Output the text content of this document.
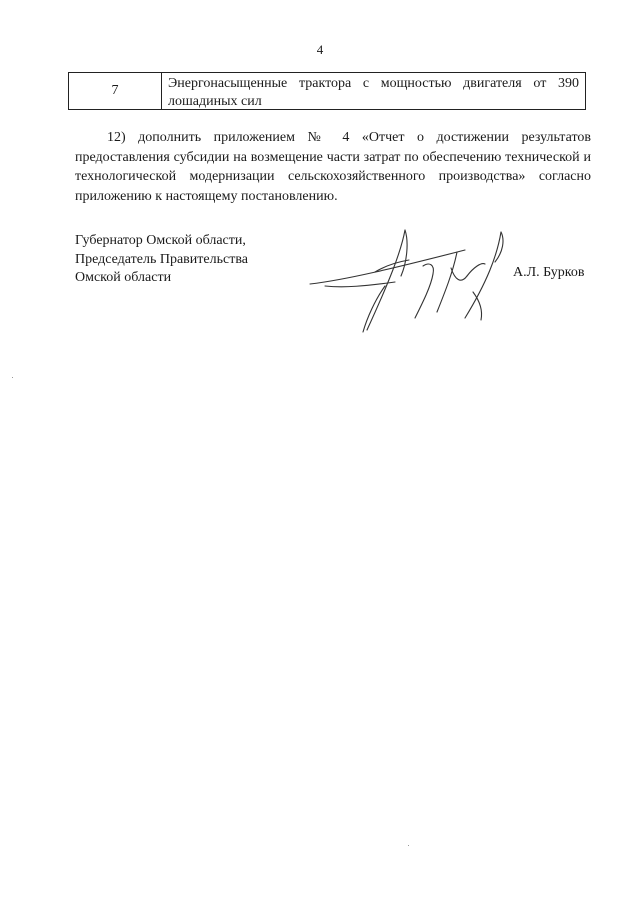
4
7	Энергонасыщенные трактора с мощностью двигателя от 390 лошадиных сил

12) дополнить приложением № 4 «Отчет о достижении результатов предоставления субсидии на возмещение части затрат по обеспечению технической и технологической модернизации сельскохозяйственного производства» согласно приложению к настоящему постановлению.

Губернатор Омской области,
Председатель Правительства
Омской области	А.Л. Бурков
